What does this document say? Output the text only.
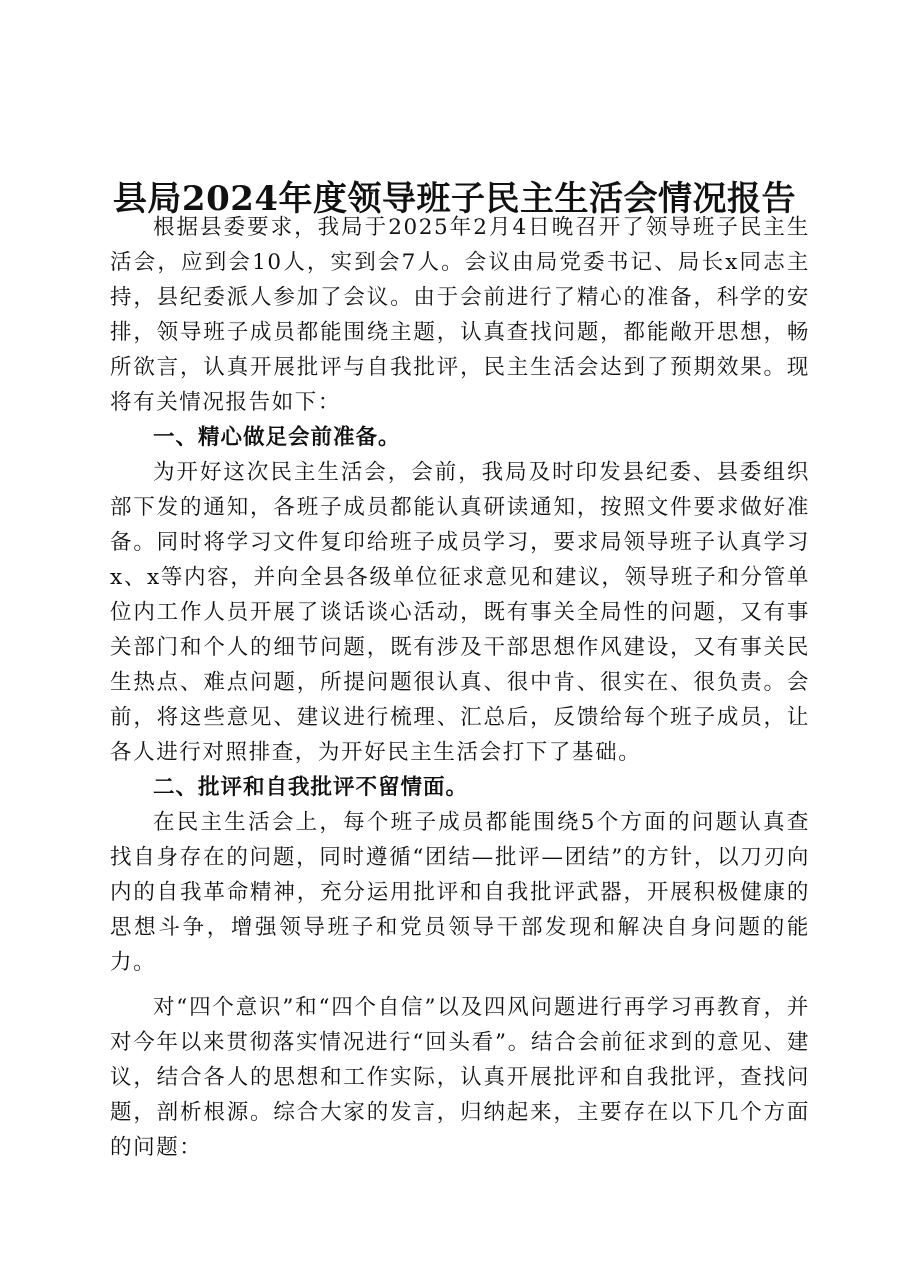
县局2024年度领导班子民主生活会情况报告

根据县委要求，我局于2025年2月4日晚召开了领导班子民主生活会，应到会10人，实到会7人。会议由局党委书记、局长x同志主持，县纪委派人参加了会议。由于会前进行了精心的准备，科学的安排，领导班子成员都能围绕主题，认真查找问题，都能敞开思想，畅所欲言，认真开展批评与自我批评，民主生活会达到了预期效果。现将有关情况报告如下：

一、精心做足会前准备。

为开好这次民主生活会，会前，我局及时印发县纪委、县委组织部下发的通知，各班子成员都能认真研读通知，按照文件要求做好准备。同时将学习文件复印给班子成员学习，要求局领导班子认真学习x、x等内容，并向全县各级单位征求意见和建议，领导班子和分管单位内工作人员开展了谈话谈心活动，既有事关全局性的问题，又有事关部门和个人的细节问题，既有涉及干部思想作风建设，又有事关民生热点、难点问题，所提问题很认真、很中肯、很实在、很负责。会前，将这些意见、建议进行梳理、汇总后，反馈给每个班子成员，让各人进行对照排查，为开好民主生活会打下了基础。

二、批评和自我批评不留情面。

在民主生活会上，每个班子成员都能围绕5个方面的问题认真查找自身存在的问题，同时遵循“团结—批评—团结”的方针，以刀刃向内的自我革命精神，充分运用批评和自我批评武器，开展积极健康的思想斗争，增强领导班子和党员领导干部发现和解决自身问题的能力。

对“四个意识”和“四个自信”以及四风问题进行再学习再教育，并对今年以来贯彻落实情况进行“回头看”。结合会前征求到的意见、建议，结合各人的思想和工作实际，认真开展批评和自我批评，查找问题，剖析根源。综合大家的发言，归纳起来，主要存在以下几个方面的问题：
